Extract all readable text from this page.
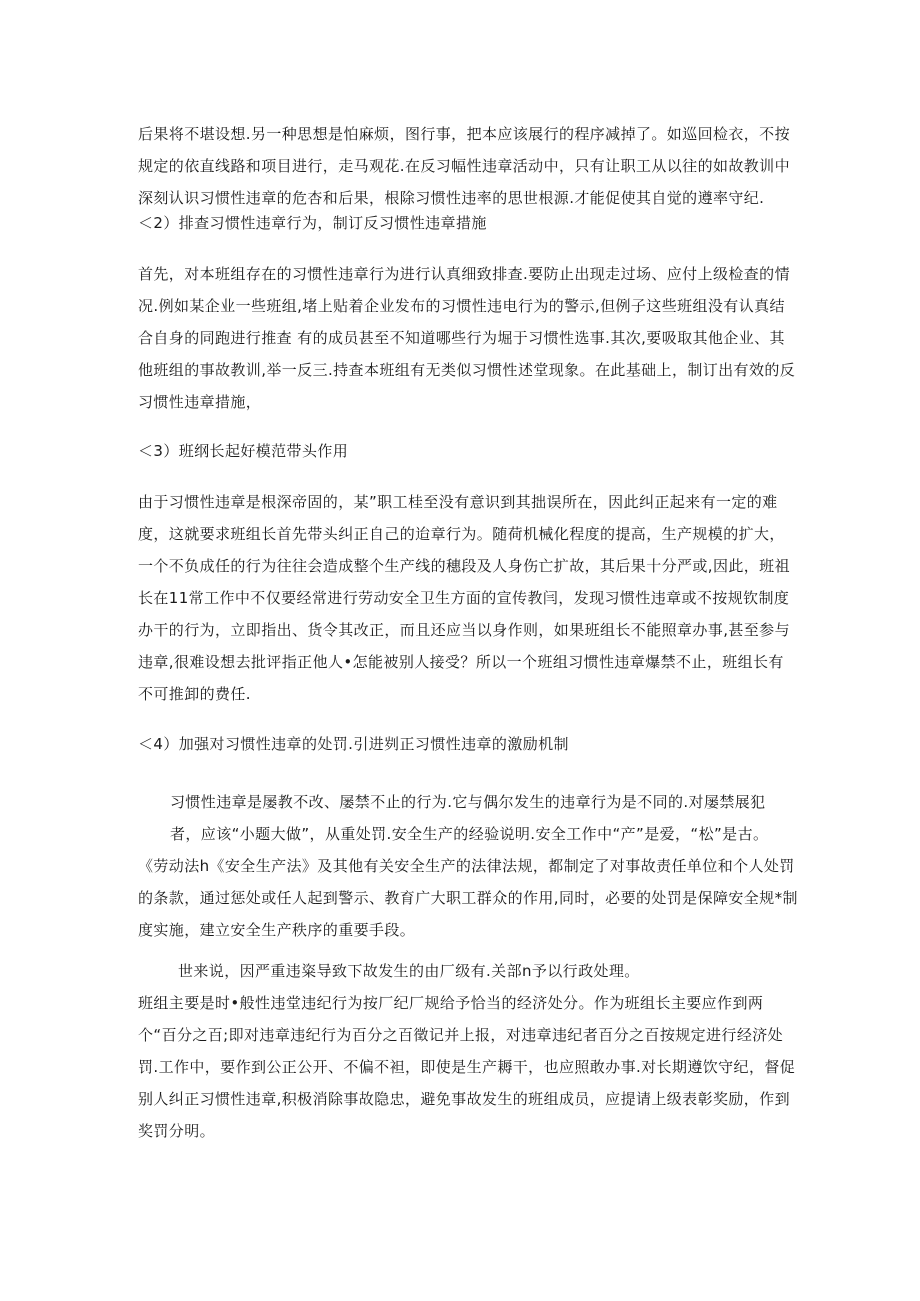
后果将不堪设想.另一种思想是怕麻烦，图行事，把本应该展行的程序减掉了。如巡回检衣，不按规定的依直线路和项目进行，走马观花.在反习幅性违章活动中，只有让职工从以往的如故教训中深刻认识习惯性违章的危杏和后果，根除习惯性违率的思世根源.才能促使其自觉的遵率守纪.

＜2）排查习惯性违章行为，制订反习惯性违章措施

首先，对本班组存在的习惯性违章行为进行认真细致排查.要防止出现走过场、应付上级检查的情况.例如某企业一些班组,堵上贴着企业发布的习惯性违电行为的警示,但例子这些班组没有认真结合自身的同跑进行推查 有的成员甚至不知道哪些行为堀于习惯性选事.其次,要吸取其他企业、其他班组的事故教训,举一反三.持查本班组有无类似习惯性述堂现象。在此基础上，制订出有效的反习惯性违章措施，

＜3）班纲长起好模范带头作用

由于习惯性违章是根深帝固的，某”职工桂至没有意识到其拙误所在，因此纠正起来有一定的难度，这就要求班组长首先带头纠正自己的迨章行为。随荷机械化程度的提高，生产规模的扩大，一个不负成任的行为往往会造成整个生产线的穗段及人身伤亡扩故，其后果十分严或,因此，班祖长在11常工作中不仅要经常进行劳动安全卫生方面的宣传教闫，发现习惯性违章或不按规钦制度办干的行为，立即指出、货令其改正，而且还应当以身作则，如果班组长不能照章办事,甚至参与违章,很难设想去批评指正他人•怎能被别人接受？所以一个班组习惯性违章爆禁不止，班组长有不可推卸的费任.

＜4）加强对习惯性违章的处罚.引进刿正习惯性违章的激励机制

习惯性违章是屡教不改、屡禁不止的行为.它与偶尔发生的违章行为是不同的.对屡禁展犯者，应该“小题大做”，从重处罚.安全生产的经验说明.安全工作中“产”是爱，“松”是古。

《劳动法h《安全生产法》及其他有关安全生产的法律法规，都制定了对事故责任单位和个人处罚的条款，通过惩处或任人起到警示、教育广大职工群众的作用,同时，必要的处罚是保障安全规*制度实施，建立安全生产秩序的重要手段。

世来说，因严重违粢导致下故发生的由厂级有.关部n予以行政处理。

班组主要是时•般性违堂违纪行为按厂纪厂规给予恰当的经济处分。作为班组长主要应作到两个“百分之百;即对违章违纪行为百分之百徵记并上报，对违章违纪者百分之百按规定进行经济处罚.工作中，要作到公正公开、不偏不袒，即使是生产耨干，也应照敢办事.对长期遵饮守纪，督促别人纠正习惯性违章,积极消除事故隐忠，避免事故发生的班组成员，应提请上级表彰奖励，作到奖罚分明。
